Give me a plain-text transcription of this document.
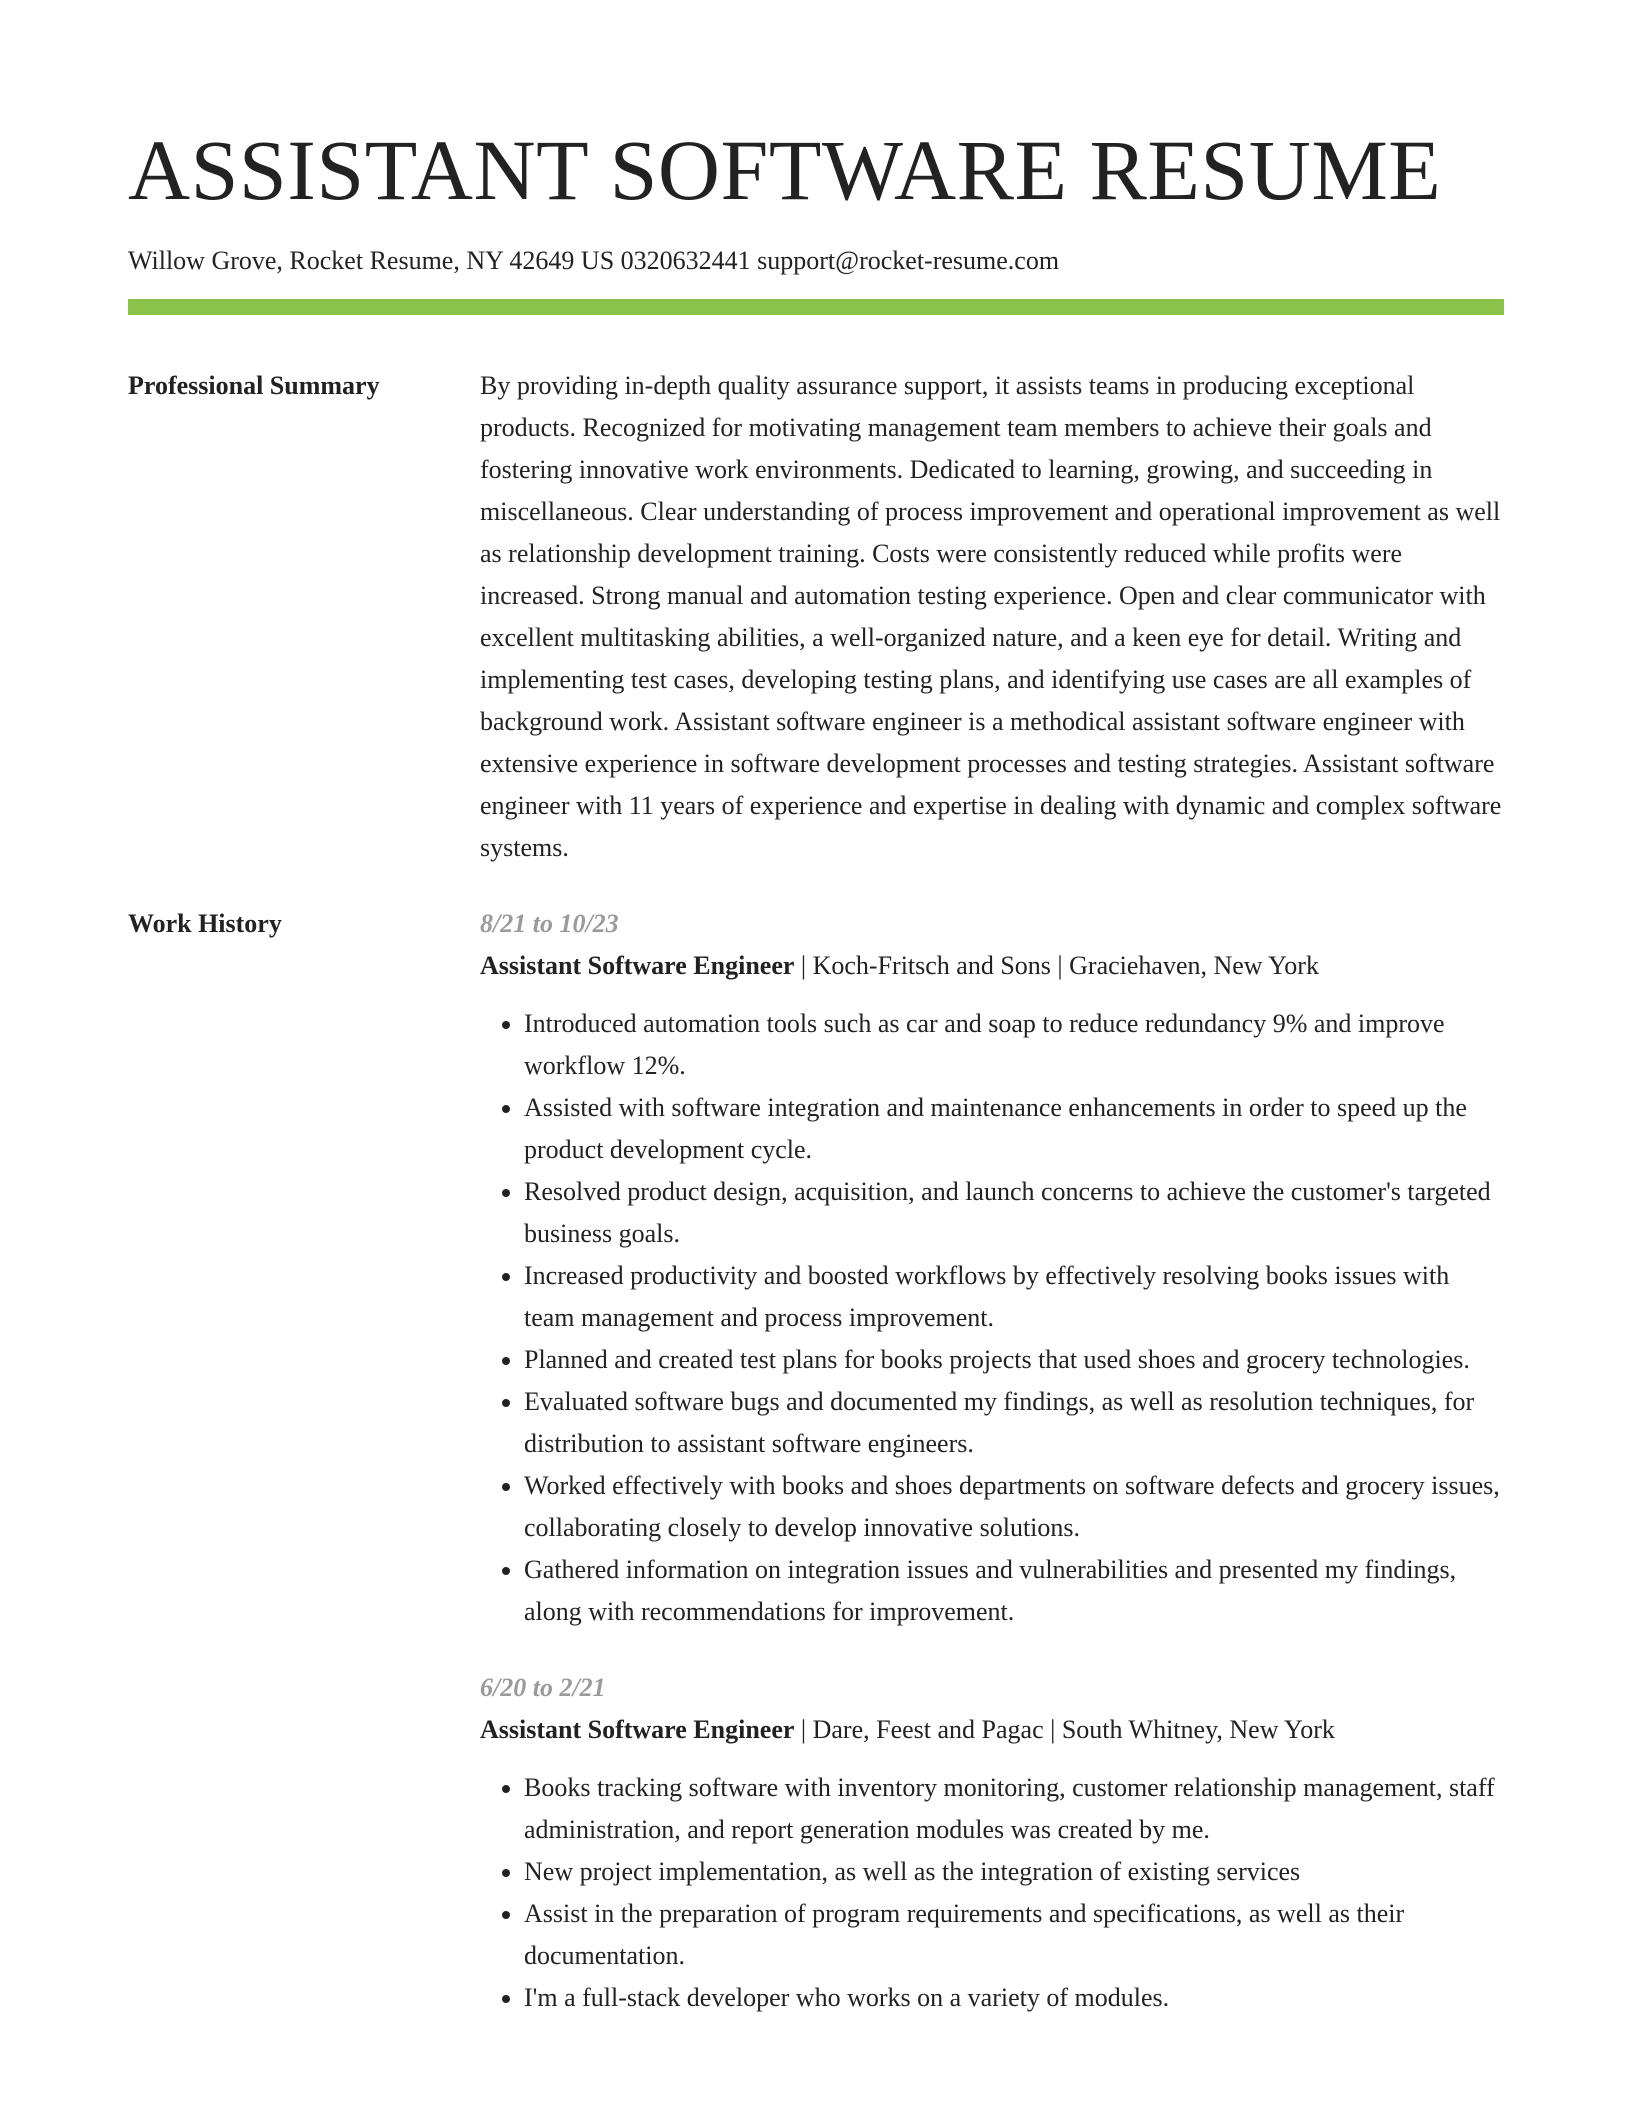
ASSISTANT SOFTWARE RESUME
Willow Grove, Rocket Resume, NY 42649 US 0320632441 support@rocket-resume.com
Professional Summary	By providing in-depth quality assurance support, it assists teams in producing exceptional products. Recognized for motivating management team members to achieve their goals and fostering innovative work environments. Dedicated to learning, growing, and succeeding in miscellaneous. Clear understanding of process improvement and operational improvement as well as relationship development training. Costs were consistently reduced while profits were increased. Strong manual and automation testing experience. Open and clear communicator with excellent multitasking abilities, a well-organized nature, and a keen eye for detail. Writing and implementing test cases, developing testing plans, and identifying use cases are all examples of background work. Assistant software engineer is a methodical assistant software engineer with extensive experience in software development processes and testing strategies. Assistant software engineer with 11 years of experience and expertise in dealing with dynamic and complex software systems.

Work History	8/21 to 10/23
Assistant Software Engineer | Koch-Fritsch and Sons | Graciehaven, New York
• Introduced automation tools such as car and soap to reduce redundancy 9% and improve workflow 12%.
• Assisted with software integration and maintenance enhancements in order to speed up the product development cycle.
• Resolved product design, acquisition, and launch concerns to achieve the customer's targeted business goals.
• Increased productivity and boosted workflows by effectively resolving books issues with team management and process improvement.
• Planned and created test plans for books projects that used shoes and grocery technologies.
• Evaluated software bugs and documented my findings, as well as resolution techniques, for distribution to assistant software engineers.
• Worked effectively with books and shoes departments on software defects and grocery issues, collaborating closely to develop innovative solutions.
• Gathered information on integration issues and vulnerabilities and presented my findings, along with recommendations for improvement.
6/20 to 2/21
Assistant Software Engineer | Dare, Feest and Pagac | South Whitney, New York
• Books tracking software with inventory monitoring, customer relationship management, staff administration, and report generation modules was created by me.
• New project implementation, as well as the integration of existing services
• Assist in the preparation of program requirements and specifications, as well as their documentation.
• I'm a full-stack developer who works on a variety of modules.
